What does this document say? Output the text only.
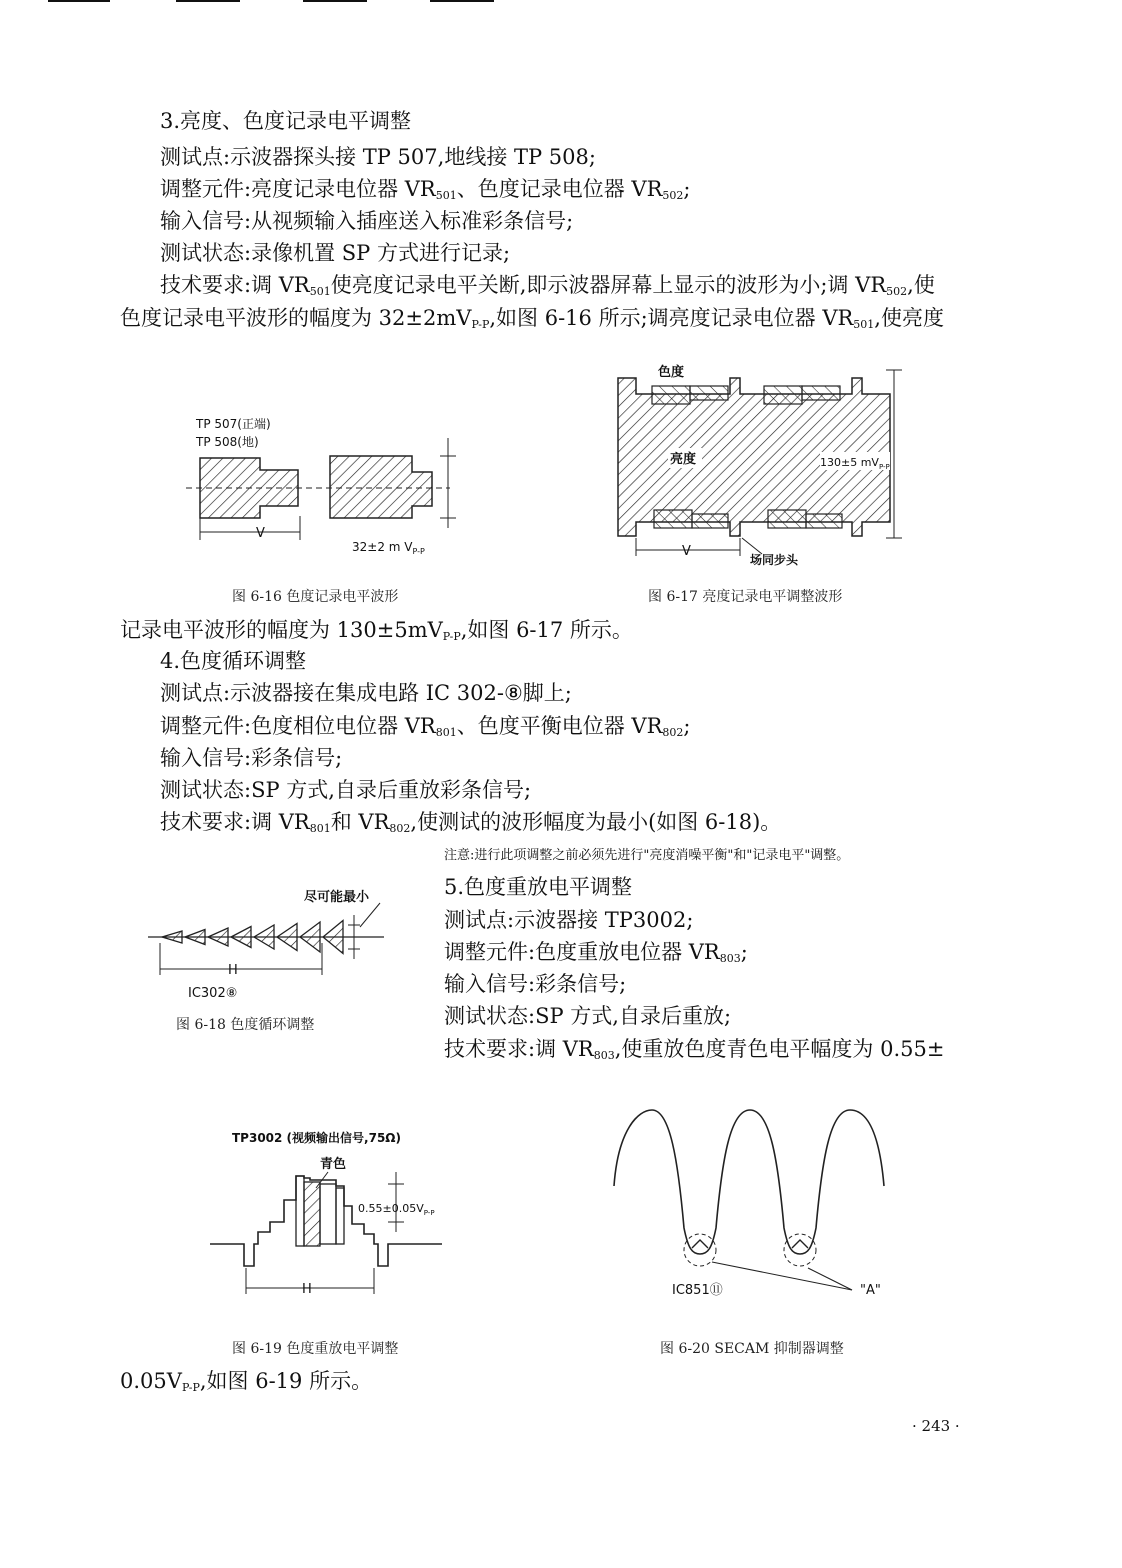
3.亮度、色度记录电平调整
测试点:示波器探头接 TP 507,地线接 TP 508;
调整元件:亮度记录电位器 $VR_{501}$、色度记录电位器 $VR_{502}$;
输入信号:从视频输入插座送入标准彩条信号;
测试状态:录像机置 SP 方式进行记录;
技术要求:调 $VR_{501}$使亮度记录电平关断,即示波器屏幕上显示的波形为小;调 $VR_{502}$,使
色度记录电平波形的幅度为 $32\pm 2mV_{P-P}$,如图 6-16 所示;调亮度记录电位器 $VR_{501}$,使亮度
TP 507(正端)
TP 508(地)
V
32±2 m $V_{P-P}$
图 6-16 色度记录电平波形
色度
亮度	130±5 $mV_{P-P}$
V
场同步头
图 6-17 亮度记录电平调整波形
记录电平波形的幅度为 $130\pm 5mV_{P-P}$,如图 6-17 所示。
4.色度循环调整
测试点:示波器接在集成电路 IC 302-⑧脚上;
调整元件:色度相位电位器 $VR_{801}$、色度平衡电位器 $VR_{802}$;
输入信号:彩条信号;
测试状态:SP 方式,自录后重放彩条信号;
技术要求:调 $VR_{801}$和 $VR_{802}$,使测试的波形幅度为最小(如图 6-18)。
注意:进行此项调整之前必须先进行"亮度消噪平衡"和"记录电平"调整。
尽可能最小
H
IC302⑧
图 6-18 色度循环调整
5.色度重放电平调整
测试点:示波器接 TP3002;
调整元件:色度重放电位器 $VR_{803}$;
输入信号:彩条信号;
测试状态:SP 方式,自录后重放;
技术要求:调 $VR_{803}$,使重放色度青色电平幅度为 0.55±
TP3002 (视频输出信号,75Ω)
青色
$0.55\pm 0.05V_{P-P}$
H
图 6-19 色度重放电平调整
IC851⑪	"A"
图 6-20 SECAM 抑制器调整
$0.05V_{P-P}$,如图 6-19 所示。
· 243 ·
